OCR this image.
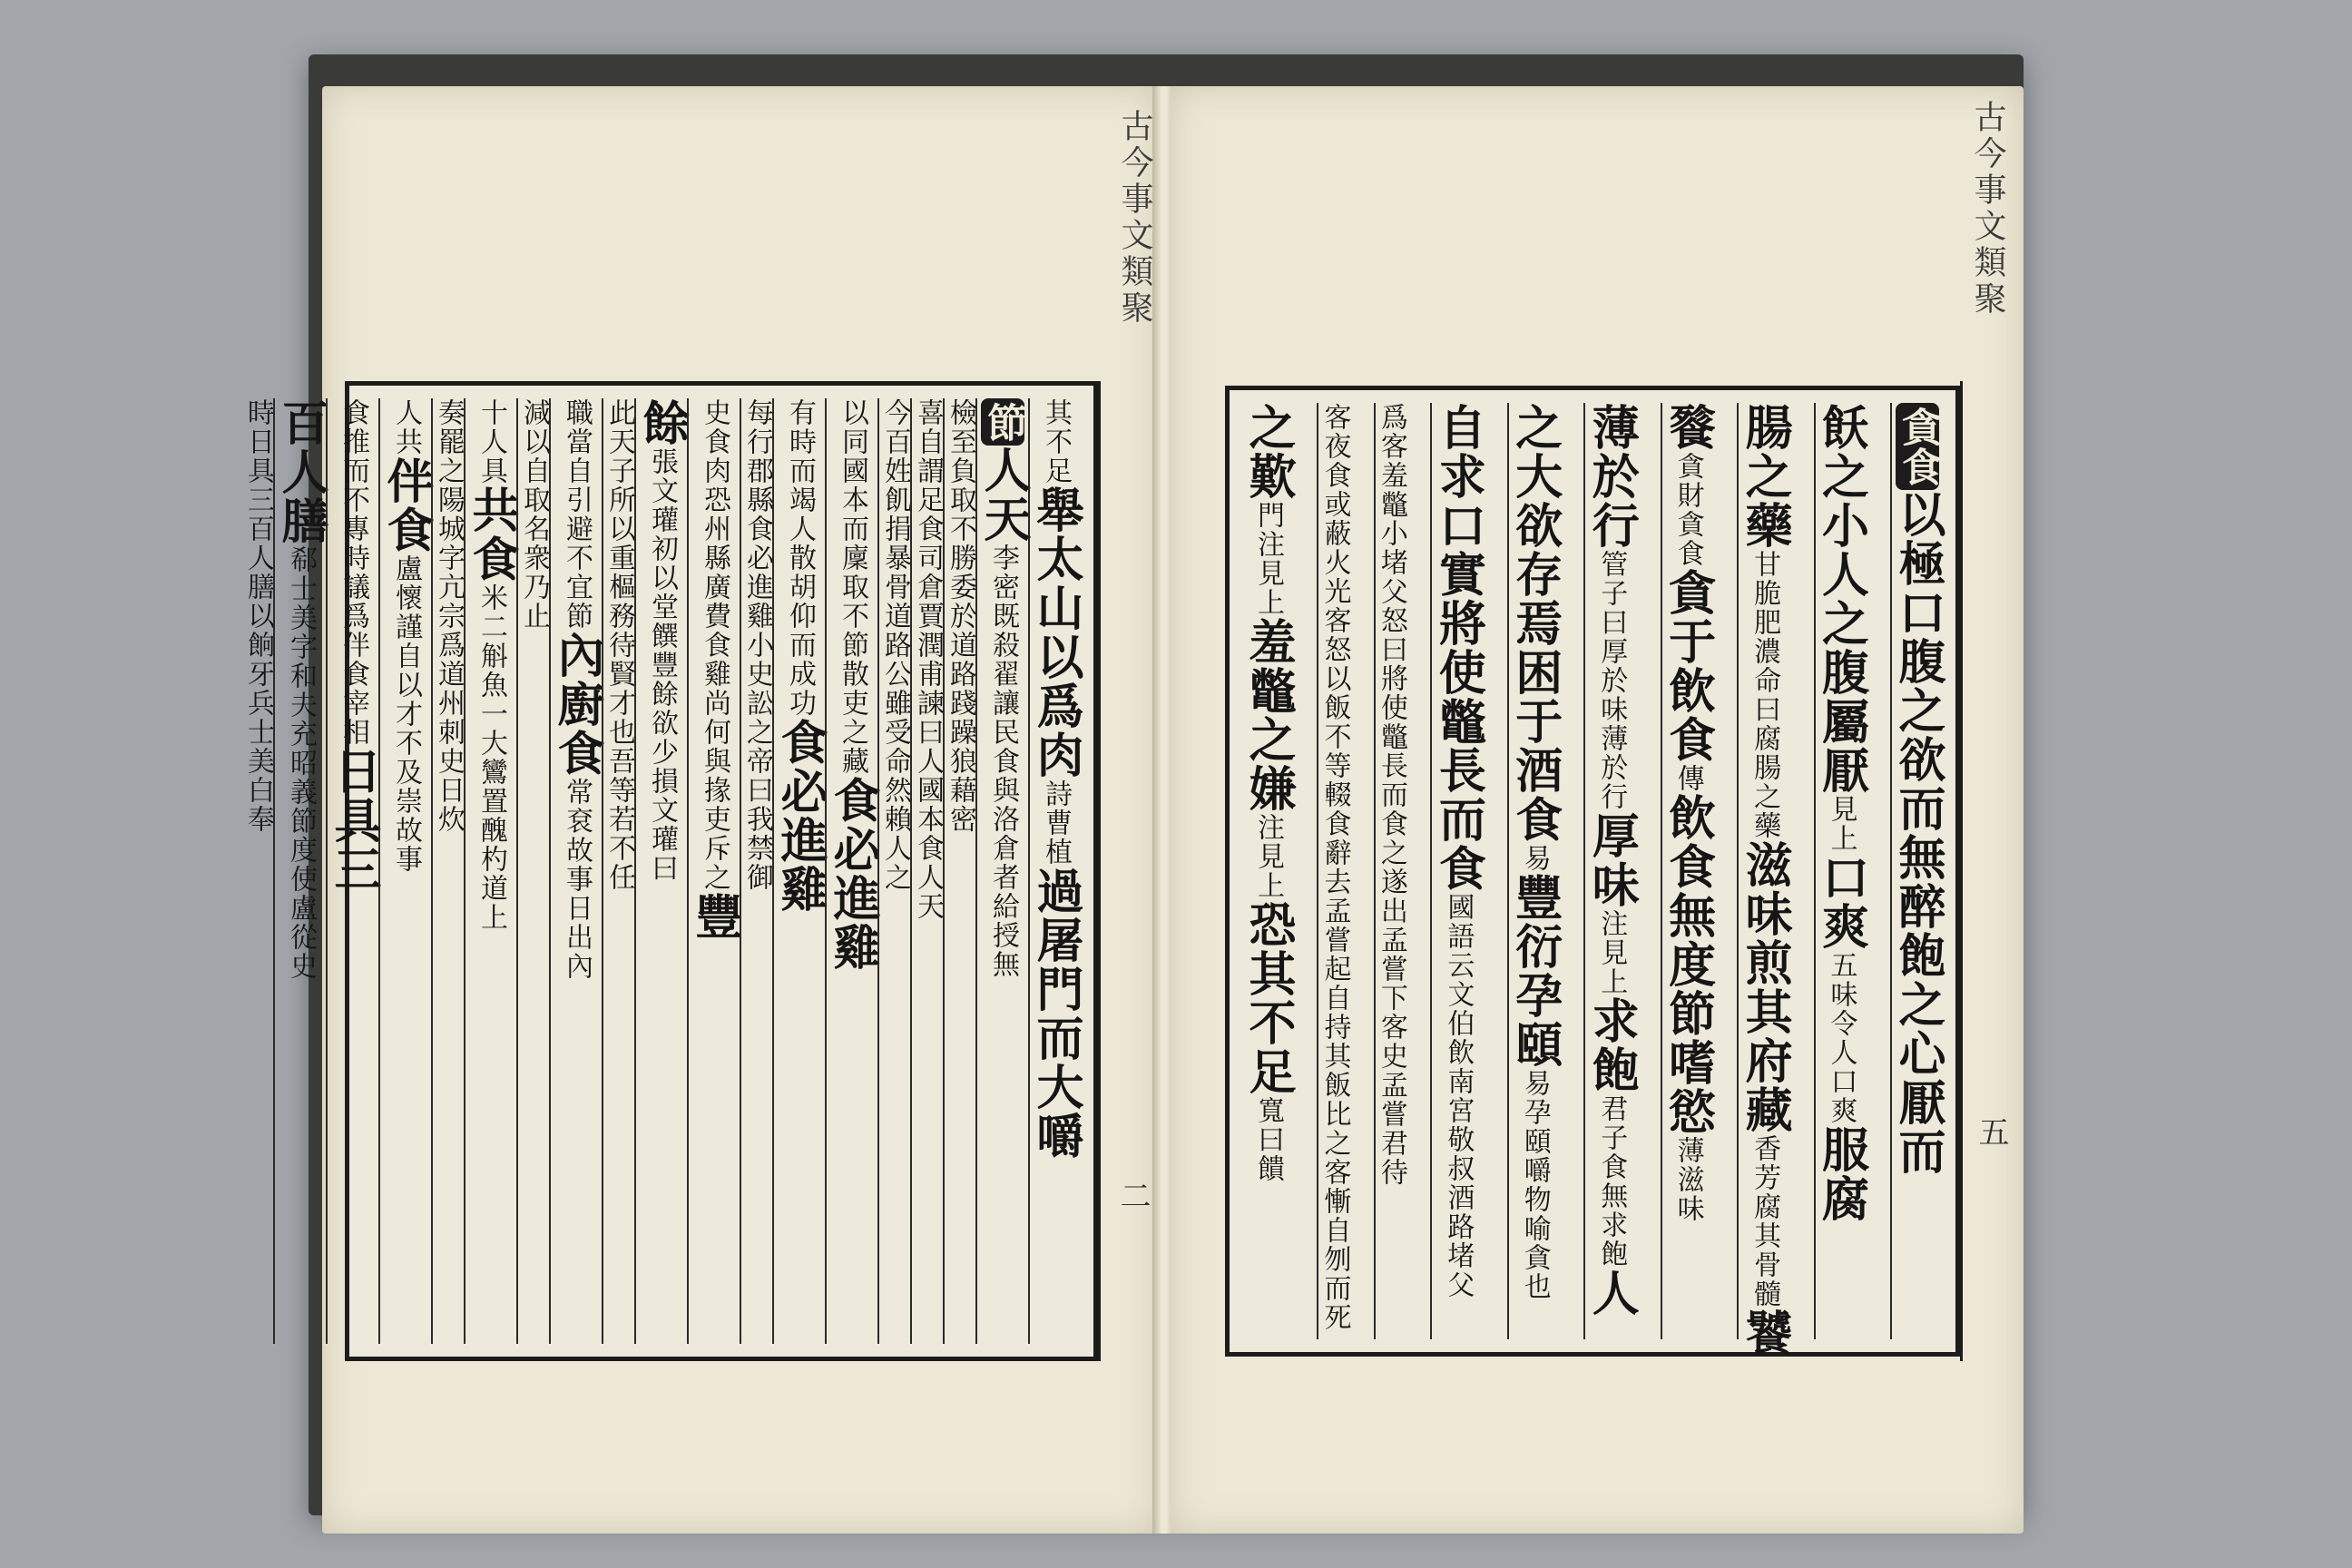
古今事文類聚	古今事文類聚
二
五
其不足舉太山以爲肉詩曹植過屠門而大嚼
節人天李密既殺翟讓民食與洛倉者給授無
檢至負取不勝委於道路踐躁狼藉密
喜自謂足食司倉賈潤甫諫曰人國本食人天
今百姓飢捐暴骨道路公雖受命然賴人之
以同國本而廩取不節散吏之藏食必進雞
有時而竭人散胡仰而成功食必進雞
每行郡縣食必進雞小史訟之帝曰我禁御
史食肉恐州縣廣費食雞尚何與掾吏斥之豐
餘張文瓘初以堂饌豐餘欲少損文瓘曰
此天子所以重樞務待賢才也吾等若不任
職當自引避不宜節內廚食常袞故事日出內
減以自取名衆乃止
十人具共食米二斛魚一大鸞置醜杓道上
奏罷之陽城字亢宗爲道州刺史日炊
人共伴食盧懷謹自以才不及崇故事
食推而不專時議爲伴食宰相日具三
百人膳郗士美字和夫充昭義節度使盧從史
時日具三百人膳以餉牙兵士美白奉	貪食以極口腹之欲而無醉飽之心厭而
飫之小人之腹屬厭見上口爽五味令人口爽服腐
腸之藥甘脆肥濃命曰腐腸之藥滋味煎其府藏香芳腐其骨髓饕
餮貪財貪食貪于飲食傳飲食無度節嗜慾薄滋味
薄於行管子曰厚於味薄於行厚味注見上求飽君子食無求飽人
之大欲存焉困于酒食易豐衍孕頤易孕頤嚼物喻貪也
自求口實將使鼈長而食國語云文伯飲南宮敬叔酒路堵父
爲客羞鼈小堵父怒曰將使鼈長而食之遂出孟嘗下客史孟嘗君待
客夜食或蔽火光客怒以飯不等輟食辭去孟嘗起自持其飯比之客慚自刎而死
之歎門注見上羞鼈之嫌注見上恐其不足寬曰饋
